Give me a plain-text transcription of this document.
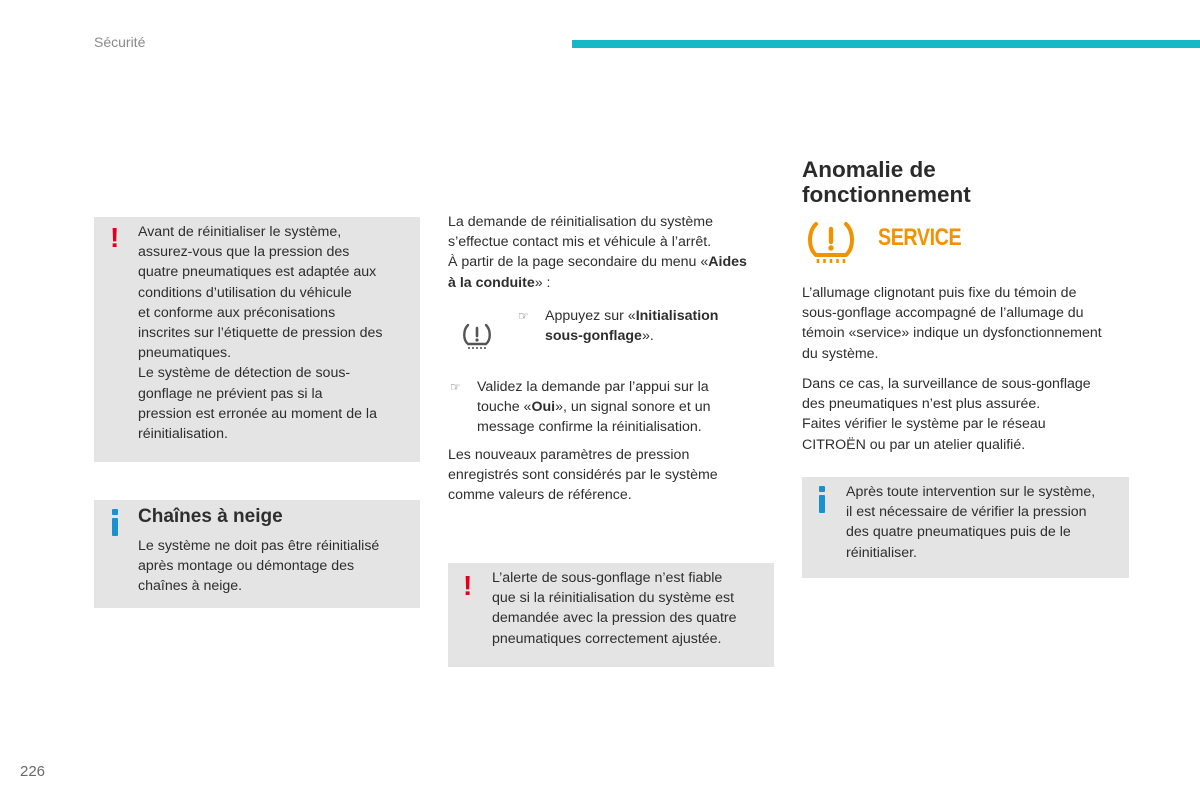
Sécurité
! Avant de réinitialiser le système,
assurez-vous que la pression des
quatre pneumatiques est adaptée aux
conditions d’utilisation du véhicule
et conforme aux préconisations
inscrites sur l’étiquette de pression des
pneumatiques.
Le système de détection de sous-
gonflage ne prévient pas si la
pression est erronée au moment de la
réinitialisation.
Chaînes à neige
Le système ne doit pas être réinitialisé
après montage ou démontage des
chaînes à neige.

La demande de réinitialisation du système

s’effectue contact mis et véhicule à l’arrêt.

À partir de la page secondaire du menu «Aides

à la conduite» :

☞ Appuyez sur «Initialisation
sous-gonflage».
☞ Validez la demande par l’appui sur la
touche «Oui», un signal sonore et un
message confirme la réinitialisation.

Les nouveaux paramètres de pression

enregistrés sont considérés par le système

comme valeurs de référence.

! L’alerte de sous-gonflage n’est fiable
que si la réinitialisation du système est
demandée avec la pression des quatre
pneumatiques correctement ajustée.
Anomalie de
fonctionnement
SERVICE

L’allumage clignotant puis fixe du témoin de

sous-gonflage accompagné de l’allumage du

témoin «service» indique un dysfonctionnement

du système.

Dans ce cas, la surveillance de sous-gonflage

des pneumatiques n’est plus assurée.

Faites vérifier le système par le réseau

CITROËN ou par un atelier qualifié.

Après toute intervention sur le système,
il est nécessaire de vérifier la pression
des quatre pneumatiques puis de le
réinitialiser.
226
